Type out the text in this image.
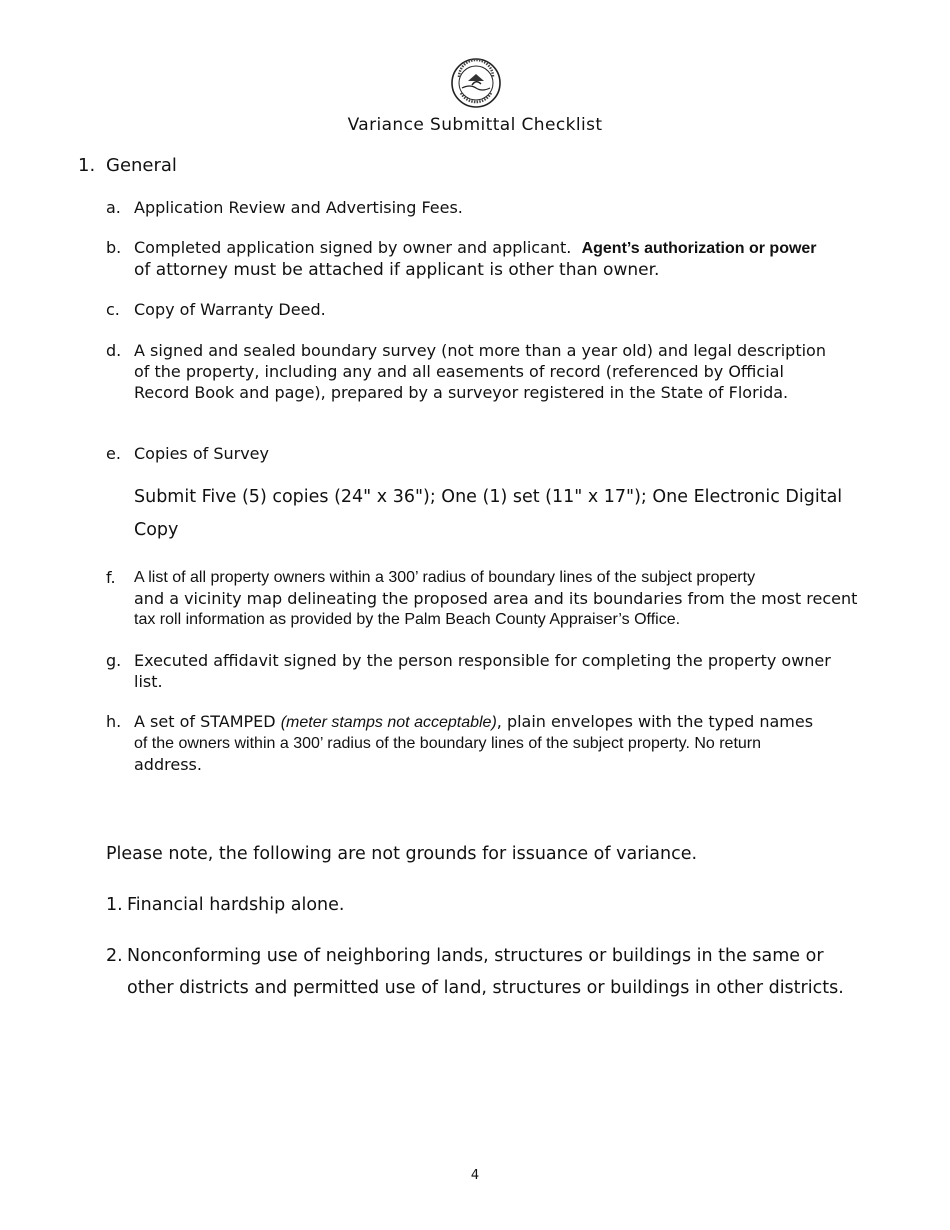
Variance Submittal Checklist
1. General
a. Application Review and Advertising Fees.
b. Completed application signed by owner and applicant. Agent’s authorization or power
of attorney must be attached if applicant is other than owner.
c. Copy of Warranty Deed.
d. A signed and sealed boundary survey (not more than a year old) and legal description of the property, including any and all easements of record (referenced by Official Record Book and page), prepared by a surveyor registered in the State of Florida.
e. Copies of Survey
Submit Five (5) copies (24" x 36"); One (1) set (11" x 17"); One Electronic Digital Copy
f. A list of all property owners within a 300’ radius of boundary lines of the subject property
and a vicinity map delineating the proposed area and its boundaries from the most recent
tax roll information as provided by the Palm Beach County Appraiser’s Office.
g. Executed affidavit signed by the person responsible for completing the property owner list.
h. A set of STAMPED (meter stamps not acceptable), plain envelopes with the typed names
of the owners within a 300’ radius of the boundary lines of the subject property. No return
address.
Please note, the following are not grounds for issuance of variance.
1. Financial hardship alone.
2. Nonconforming use of neighboring lands, structures or buildings in the same or other districts and permitted use of land, structures or buildings in other districts.
4
